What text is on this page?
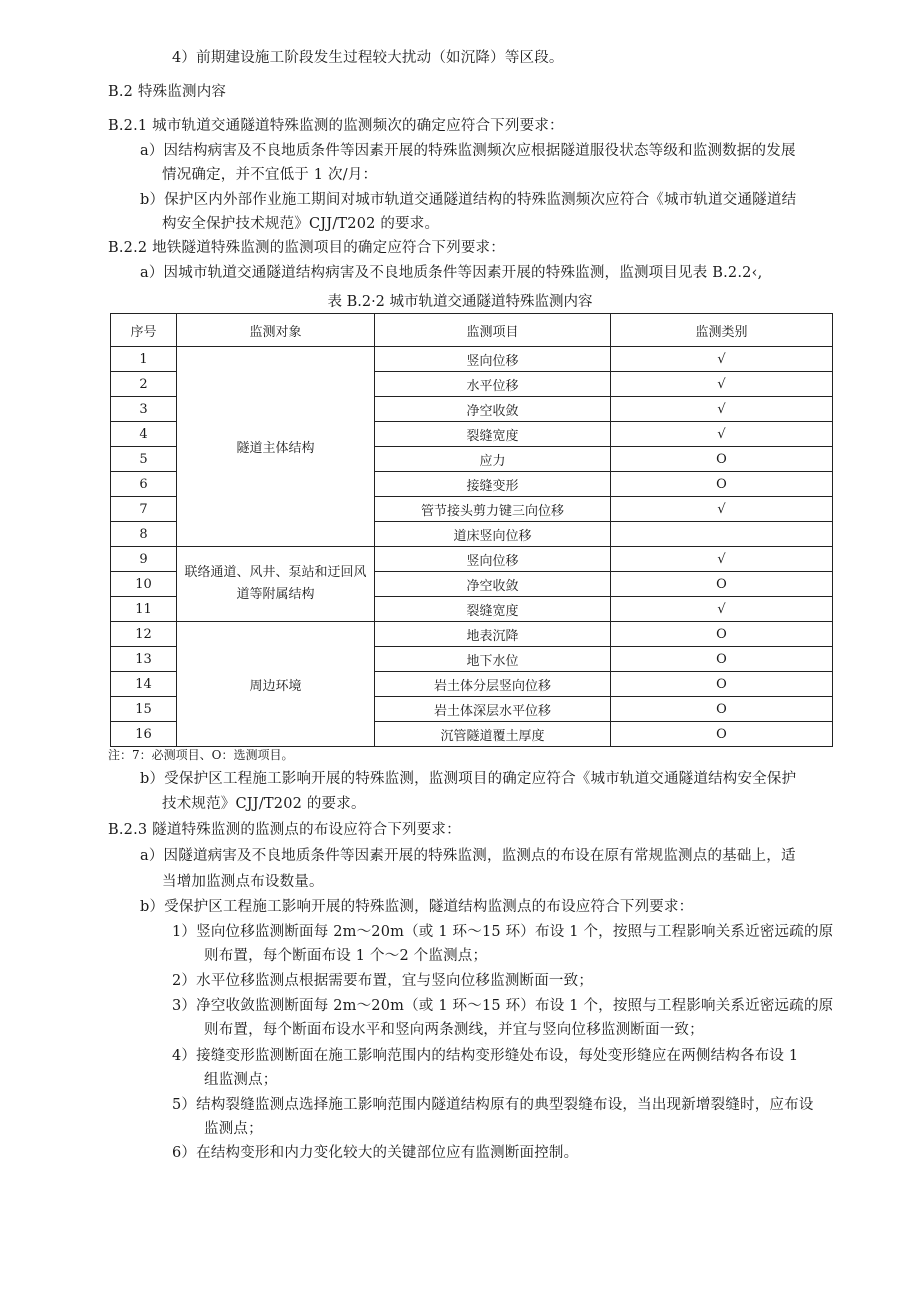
4）前期建设施工阶段发生过程较大扰动（如沉降）等区段。
B.2 特殊监测内容
B.2.1 城市轨道交通隧道特殊监测的监测频次的确定应符合下列要求：
a）因结构病害及不良地质条件等因素开展的特殊监测频次应根据隧道服役状态等级和监测数据的发展
情况确定，并不宜低于 1 次/月：
b）保护区内外部作业施工期间对城市轨道交通隧道结构的特殊监测频次应符合《城市轨道交通隧道结
构安全保护技术规范》CJJ/T202 的要求。
B.2.2 地铁隧道特殊监测的监测项目的确定应符合下列要求：
a）因城市轨道交通隧道结构病害及不良地质条件等因素开展的特殊监测，监测项目见表 B.2.2‹,
表 B.2·2 城市轨道交通隧道特殊监测内容
序号	监测对象	监测项目	监测类别
1	隧道主体结构	竖向位移	√
2		水平位移	√
3		净空收敛	√
4		裂缝宽度	√
5		应力	O
6		接缝变形	O
7		管节接头剪力键三向位移	√
8		道床竖向位移	
9	联络通道、风井、泵站和迂回风道等附属结构	竖向位移	√
10		净空收敛	O
11		裂缝宽度	√
12	周边环境	地表沉降	O
13		地下水位	O
14		岩土体分层竖向位移	O
15		岩土体深层水平位移	O
16		沉管隧道覆土厚度	O
注：7：必测项目、O：选测项目。
b）受保护区工程施工影响开展的特殊监测，监测项目的确定应符合《城市轨道交通隧道结构安全保护
技术规范》CJJ/T202 的要求。
B.2.3 隧道特殊监测的监测点的布设应符合下列要求：
a）因隧道病害及不良地质条件等因素开展的特殊监测，监测点的布设在原有常规监测点的基础上，适
当增加监测点布设数量。
b）受保护区工程施工影响开展的特殊监测，隧道结构监测点的布设应符合下列要求：
1）竖向位移监测断面每 2m～20m（或 1 环～15 环）布设 1 个，按照与工程影响关系近密远疏的原
则布置，每个断面布设 1 个～2 个监测点；
2）水平位移监测点根据需要布置，宜与竖向位移监测断面一致；
3）净空收敛监测断面每 2m～20m（或 1 环～15 环）布设 1 个，按照与工程影响关系近密远疏的原
则布置，每个断面布设水平和竖向两条测线，并宜与竖向位移监测断面一致；
4）接缝变形监测断面在施工影响范围内的结构变形缝处布设，每处变形缝应在两侧结构各布设 1
组监测点；
5）结构裂缝监测点选择施工影响范围内隧道结构原有的典型裂缝布设，当出现新增裂缝时，应布设
监测点；
6）在结构变形和内力变化较大的关键部位应有监测断面控制。
